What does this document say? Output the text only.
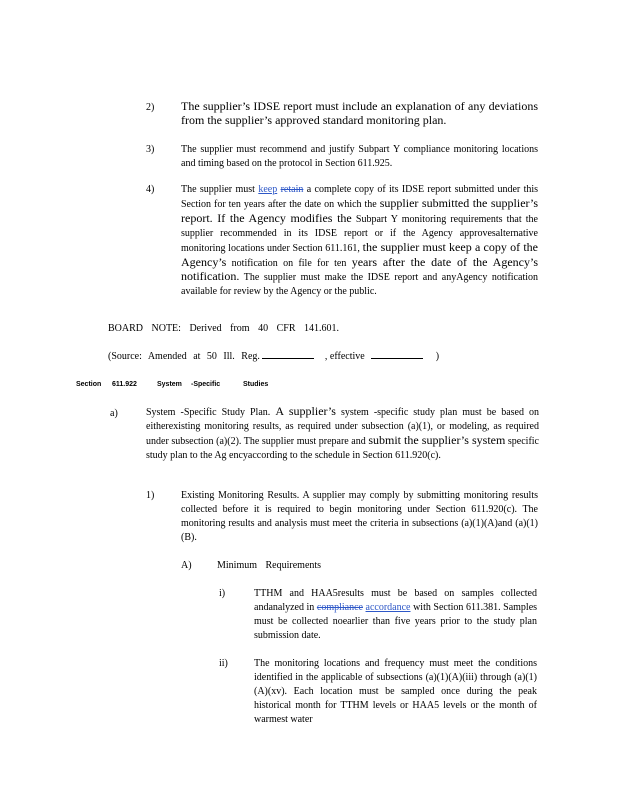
2) The supplier’s IDSE report must include an explanation of any deviations from the supplier’s approved standard monitoring plan.
3)	The supplier must recommend and justify Subpart Y compliance monitoring locations and timing based on the protocol in Section 611.925.
4)	The supplier must keep retain a complete copy of its IDSE report submitted under this Section for ten years after the date on which the supplier submitted the supplier’s report. If the Agency modifies the Subpart Y monitoring requirements that the supplier recommended in its IDSE report or if the Agency approvesalternative monitoring locations under Section 611.161, the supplier must keep a copy of the Agency’s notification on file for ten years after the date of the Agency’s notification. The supplier must make the IDSE report and anyAgency notification available for review by the Agency or the public.
BOARD NOTE: Derived from 40 CFR 141.601.
(Source: Amended at 50 Ill. Reg.	, effective	)
Section 611.922	System -Specific	Studies
a)	System -Specific Study Plan. A supplier’s system -specific study plan must be based on eitherexisting monitoring results, as required under subsection (a)(1), or modeling, as required under subsection (a)(2). The supplier must prepare and submit the supplier’s system specific study plan to the Ag encyaccording to the schedule in Section 611.920(c).
1)	Existing Monitoring Results. A supplier may comply by submitting monitoring results collected before it is required to begin monitoring under Section 611.920(c). The monitoring results and analysis must meet the criteria in subsections (a)(1)(A)and (a)(1)(B).
A)	Minimum Requirements
i)	TTHM and HAA5results must be based on samples collected andanalyzed in compliance accordance with Section 611.381. Samples must be collected noearlier than five years prior to the study plan submission date.
ii)	The monitoring locations and frequency must meet the conditions identified in the applicable of subsections (a)(1)(A)(iii) through (a)(1)(A)(xv). Each location must be sampled once during the peak historical month for TTHM levels or HAA5 levels or the month of warmest water
